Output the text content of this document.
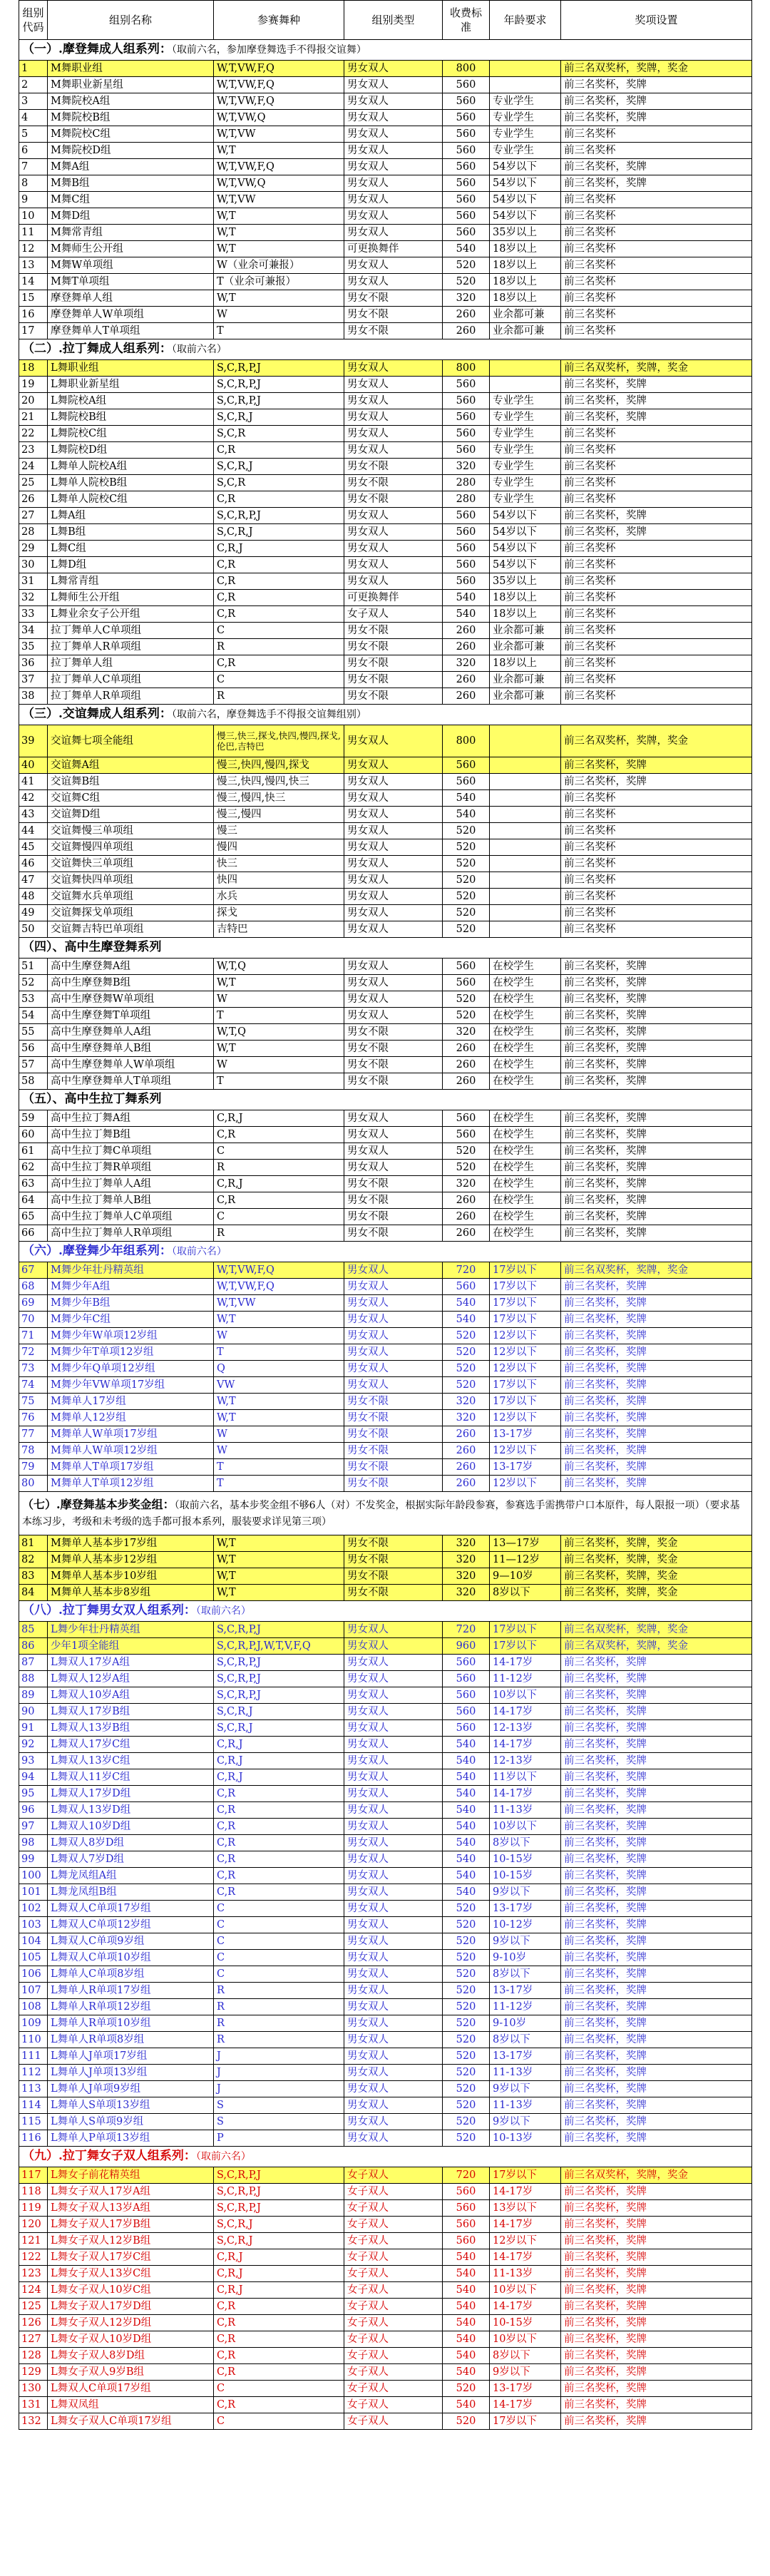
组别代码	组别名称	参赛舞种	组别类型	收费标准	年龄要求	奖项设置
（一）.摩登舞成人组系列：（取前六名，参加摩登舞选手不得报交谊舞）						
1	M舞职业组	W,T,VW,F,Q	男女双人	800		前三名双奖杯，奖牌，奖金
2	M舞职业新星组	W,T,VW,F,Q	男女双人	560		前三名奖杯，奖牌
3	M舞院校A组	W,T,VW,F,Q	男女双人	560	专业学生	前三名奖杯，奖牌
4	M舞院校B组	W,T,VW,Q	男女双人	560	专业学生	前三名奖杯，奖牌
5	M舞院校C组	W,T,VW	男女双人	560	专业学生	前三名奖杯
6	M舞院校D组	W,T	男女双人	560	专业学生	前三名奖杯
7	M舞A组	W,T,VW,F,Q	男女双人	560	54岁以下	前三名奖杯，奖牌
8	M舞B组	W,T,VW,Q	男女双人	560	54岁以下	前三名奖杯，奖牌
9	M舞C组	W,T,VW	男女双人	560	54岁以下	前三名奖杯
10	M舞D组	W,T	男女双人	560	54岁以下	前三名奖杯
11	M舞常青组	W,T	男女双人	560	35岁以上	前三名奖杯
12	M舞师生公开组	W,T	可更换舞伴	540	18岁以上	前三名奖杯
13	M舞W单项组	W（业余可兼报）	男女双人	520	18岁以上	前三名奖杯
14	M舞T单项组	T（业余可兼报）	男女双人	520	18岁以上	前三名奖杯
15	摩登舞单人组	W,T	男女不限	320	18岁以上	前三名奖杯
16	摩登舞单人W单项组	W	男女不限	260	业余都可兼	前三名奖杯
17	摩登舞单人T单项组	T	男女不限	260	业余都可兼	前三名奖杯
（二）.拉丁舞成人组系列：（取前六名）						
18	L舞职业组	S,C,R,P,J	男女双人	800		前三名双奖杯，奖牌，奖金
19	L舞职业新星组	S,C,R,P,J	男女双人	560		前三名奖杯，奖牌
20	L舞院校A组	S,C,R,P,J	男女双人	560	专业学生	前三名奖杯，奖牌
21	L舞院校B组	S,C,R,J	男女双人	560	专业学生	前三名奖杯，奖牌
22	L舞院校C组	S,C,R	男女双人	560	专业学生	前三名奖杯
23	L舞院校D组	C,R	男女双人	560	专业学生	前三名奖杯
24	L舞单人院校A组	S,C,R,J	男女不限	320	专业学生	前三名奖杯
25	L舞单人院校B组	S,C,R	男女不限	280	专业学生	前三名奖杯
26	L舞单人院校C组	C,R	男女不限	280	专业学生	前三名奖杯
27	L舞A组	S,C,R,P,J	男女双人	560	54岁以下	前三名奖杯，奖牌
28	L舞B组	S,C,R,J	男女双人	560	54岁以下	前三名奖杯，奖牌
29	L舞C组	C,R,J	男女双人	560	54岁以下	前三名奖杯
30	L舞D组	C,R	男女双人	560	54岁以下	前三名奖杯
31	L舞常青组	C,R	男女双人	560	35岁以上	前三名奖杯
32	L舞师生公开组	C,R	可更换舞伴	540	18岁以上	前三名奖杯
33	L舞业余女子公开组	C,R	女子双人	540	18岁以上	前三名奖杯
34	拉丁舞单人C单项组	C	男女不限	260	业余都可兼	前三名奖杯
35	拉丁舞单人R单项组	R	男女不限	260	业余都可兼	前三名奖杯
36	拉丁舞单人组	C,R	男女不限	320	18岁以上	前三名奖杯
37	拉丁舞单人C单项组	C	男女不限	260	业余都可兼	前三名奖杯
38	拉丁舞单人R单项组	R	男女不限	260	业余都可兼	前三名奖杯
（三）.交谊舞成人组系列：（取前六名，摩登舞选手不得报交谊舞组别）						
39	交谊舞七项全能组	慢三,快三,探戈,快四,慢四,探戈,伦巴,吉特巴	男女双人	800		前三名双奖杯，奖牌，奖金
40	交谊舞A组	慢三,快四,慢四,探戈	男女双人	560		前三名奖杯，奖牌
41	交谊舞B组	慢三,快四,慢四,快三	男女双人	560		前三名奖杯，奖牌
42	交谊舞C组	慢三,慢四,快三	男女双人	540		前三名奖杯
43	交谊舞D组	慢三,慢四	男女双人	540		前三名奖杯
44	交谊舞慢三单项组	慢三	男女双人	520		前三名奖杯
45	交谊舞慢四单项组	慢四	男女双人	520		前三名奖杯
46	交谊舞快三单项组	快三	男女双人	520		前三名奖杯
47	交谊舞快四单项组	快四	男女双人	520		前三名奖杯
48	交谊舞水兵单项组	水兵	男女双人	520		前三名奖杯
49	交谊舞探戈单项组	探戈	男女双人	520		前三名奖杯
50	交谊舞吉特巴单项组	吉特巴	男女双人	520		前三名奖杯
（四）、高中生摩登舞系列						
51	高中生摩登舞A组	W,T,Q	男女双人	560	在校学生	前三名奖杯，奖牌
52	高中生摩登舞B组	W,T	男女双人	560	在校学生	前三名奖杯，奖牌
53	高中生摩登舞W单项组	W	男女双人	520	在校学生	前三名奖杯，奖牌
54	高中生摩登舞T单项组	T	男女双人	520	在校学生	前三名奖杯，奖牌
55	高中生摩登舞单人A组	W,T,Q	男女不限	320	在校学生	前三名奖杯，奖牌
56	高中生摩登舞单人B组	W,T	男女不限	260	在校学生	前三名奖杯，奖牌
57	高中生摩登舞单人W单项组	W	男女不限	260	在校学生	前三名奖杯，奖牌
58	高中生摩登舞单人T单项组	T	男女不限	260	在校学生	前三名奖杯，奖牌
（五）、高中生拉丁舞系列						
59	高中生拉丁舞A组	C,R,J	男女双人	560	在校学生	前三名奖杯，奖牌
60	高中生拉丁舞B组	C,R	男女双人	560	在校学生	前三名奖杯，奖牌
61	高中生拉丁舞C单项组	C	男女双人	520	在校学生	前三名奖杯，奖牌
62	高中生拉丁舞R单项组	R	男女双人	520	在校学生	前三名奖杯，奖牌
63	高中生拉丁舞单人A组	C,R,J	男女不限	320	在校学生	前三名奖杯，奖牌
64	高中生拉丁舞单人B组	C,R	男女不限	260	在校学生	前三名奖杯，奖牌
65	高中生拉丁舞单人C单项组	C	男女不限	260	在校学生	前三名奖杯，奖牌
66	高中生拉丁舞单人R单项组	R	男女不限	260	在校学生	前三名奖杯，奖牌
（六）.摩登舞少年组系列：（取前六名）						
67	M舞少年壮丹精英组	W,T,VW,F,Q	男女双人	720	17岁以下	前三名双奖杯，奖牌，奖金
68	M舞少年A组	W,T,VW,F,Q	男女双人	560	17岁以下	前三名奖杯，奖牌
69	M舞少年B组	W,T,VW	男女双人	540	17岁以下	前三名奖杯，奖牌
70	M舞少年C组	W,T	男女双人	540	17岁以下	前三名奖杯，奖牌
71	M舞少年W单项12岁组	W	男女双人	520	12岁以下	前三名奖杯，奖牌
72	M舞少年T单项12岁组	T	男女双人	520	12岁以下	前三名奖杯，奖牌
73	M舞少年Q单项12岁组	Q	男女双人	520	12岁以下	前三名奖杯，奖牌
74	M舞少年VW单项17岁组	VW	男女双人	520	17岁以下	前三名奖杯，奖牌
75	M舞单人17岁组	W,T	男女不限	320	17岁以下	前三名奖杯，奖牌
76	M舞单人12岁组	W,T	男女不限	320	12岁以下	前三名奖杯，奖牌
77	M舞单人W单项17岁组	W	男女不限	260	13-17岁	前三名奖杯，奖牌
78	M舞单人W单项12岁组	W	男女不限	260	12岁以下	前三名奖杯，奖牌
79	M舞单人T单项17岁组	T	男女不限	260	13-17岁	前三名奖杯，奖牌
80	M舞单人T单项12岁组	T	男女不限	260	12岁以下	前三名奖杯，奖牌
（七）.摩登舞基本步奖金组：（取前六名，基本步奖金组不够6人（对）不发奖金，根据实际年龄段参赛，参赛选手需携带户口本原件，每人限报一项）（要求基本练习步，考级和未考级的选手都可报本系列，服装要求详见第三项）						
81	M舞单人基本步17岁组	W,T	男女不限	320	13—17岁	前三名奖杯，奖牌，奖金
82	M舞单人基本步12岁组	W,T	男女不限	320	11—12岁	前三名奖杯，奖牌，奖金
83	M舞单人基本步10岁组	W,T	男女不限	320	9—10岁	前三名奖杯，奖牌，奖金
84	M舞单人基本步8岁组	W,T	男女不限	320	8岁以下	前三名奖杯，奖牌，奖金
（八）.拉丁舞男女双人组系列：（取前六名）						
85	L舞少年壮丹精英组	S,C,R,P,J	男女双人	720	17岁以下	前三名双奖杯，奖牌，奖金
86	少年1项全能组	S,C,R,P,J,W,T,V,F,Q	男女双人	960	17岁以下	前三名双奖杯，奖牌，奖金
87	L舞双人17岁A组	S,C,R,P,J	男女双人	560	14-17岁	前三名奖杯，奖牌
88	L舞双人12岁A组	S,C,R,P,J	男女双人	560	11-12岁	前三名奖杯，奖牌
89	L舞双人10岁A组	S,C,R,P,J	男女双人	560	10岁以下	前三名奖杯，奖牌
90	L舞双人17岁B组	S,C,R,J	男女双人	560	14-17岁	前三名奖杯，奖牌
91	L舞双人13岁B组	S,C,R,J	男女双人	560	12-13岁	前三名奖杯，奖牌
92	L舞双人17岁C组	C,R,J	男女双人	540	14-17岁	前三名奖杯，奖牌
93	L舞双人13岁C组	C,R,J	男女双人	540	12-13岁	前三名奖杯，奖牌
94	L舞双人11岁C组	C,R,J	男女双人	540	11岁以下	前三名奖杯，奖牌
95	L舞双人17岁D组	C,R	男女双人	540	14-17岁	前三名奖杯，奖牌
96	L舞双人13岁D组	C,R	男女双人	540	11-13岁	前三名奖杯，奖牌
97	L舞双人10岁D组	C,R	男女双人	540	10岁以下	前三名奖杯，奖牌
98	L舞双人8岁D组	C,R	男女双人	540	8岁以下	前三名奖杯，奖牌
99	L舞双人7岁D组	C,R	男女双人	540	10-15岁	前三名奖杯，奖牌
100	L舞龙凤组A组	C,R	男女双人	540	10-15岁	前三名奖杯，奖牌
101	L舞龙凤组B组	C,R	男女双人	540	9岁以下	前三名奖杯，奖牌
102	L舞双人C单项17岁组	C	男女双人	520	13-17岁	前三名奖杯，奖牌
103	L舞双人C单项12岁组	C	男女双人	520	10-12岁	前三名奖杯，奖牌
104	L舞双人C单项9岁组	C	男女双人	520	9岁以下	前三名奖杯，奖牌
105	L舞双人C单项10岁组	C	男女双人	520	9-10岁	前三名奖杯，奖牌
106	L舞单人C单项8岁组	C	男女双人	520	8岁以下	前三名奖杯，奖牌
107	L舞单人R单项17岁组	R	男女双人	520	13-17岁	前三名奖杯，奖牌
108	L舞单人R单项12岁组	R	男女双人	520	11-12岁	前三名奖杯，奖牌
109	L舞单人R单项10岁组	R	男女双人	520	9-10岁	前三名奖杯，奖牌
110	L舞单人R单项8岁组	R	男女双人	520	8岁以下	前三名奖杯，奖牌
111	L舞单人J单项17岁组	J	男女双人	520	13-17岁	前三名奖杯，奖牌
112	L舞单人J单项13岁组	J	男女双人	520	11-13岁	前三名奖杯，奖牌
113	L舞单人J单项9岁组	J	男女双人	520	9岁以下	前三名奖杯，奖牌
114	L舞单人S单项13岁组	S	男女双人	520	11-13岁	前三名奖杯，奖牌
115	L舞单人S单项9岁组	S	男女双人	520	9岁以下	前三名奖杯，奖牌
116	L舞单人P单项13岁组	P	男女双人	520	10-13岁	前三名奖杯，奖牌
（九）.拉丁舞女子双人组系列：（取前六名）						
117	L舞女子前花精英组	S,C,R,P,J	女子双人	720	17岁以下	前三名双奖杯，奖牌，奖金
118	L舞女子双人17岁A组	S,C,R,P,J	女子双人	560	14-17岁	前三名奖杯，奖牌
119	L舞女子双人13岁A组	S,C,R,P,J	女子双人	560	13岁以下	前三名奖杯，奖牌
120	L舞女子双人17岁B组	S,C,R,J	女子双人	560	14-17岁	前三名奖杯，奖牌
121	L舞女子双人12岁B组	S,C,R,J	女子双人	560	12岁以下	前三名奖杯，奖牌
122	L舞女子双人17岁C组	C,R,J	女子双人	540	14-17岁	前三名奖杯，奖牌
123	L舞女子双人13岁C组	C,R,J	女子双人	540	11-13岁	前三名奖杯，奖牌
124	L舞女子双人10岁C组	C,R,J	女子双人	540	10岁以下	前三名奖杯，奖牌
125	L舞女子双人17岁D组	C,R	女子双人	540	14-17岁	前三名奖杯，奖牌
126	L舞女子双人12岁D组	C,R	女子双人	540	10-15岁	前三名奖杯，奖牌
127	L舞女子双人10岁D组	C,R	女子双人	540	10岁以下	前三名奖杯，奖牌
128	L舞女子双人8岁D组	C,R	女子双人	540	8岁以下	前三名奖杯，奖牌
129	L舞女子双人9岁B组	C,R	女子双人	540	9岁以下	前三名奖杯，奖牌
130	L舞双人C单项17岁组	C	女子双人	520	13-17岁	前三名奖杯，奖牌
131	L舞双凤组	C,R	女子双人	540	14-17岁	前三名奖杯，奖牌
132	L舞女子双人C单项17岁组	C	女子双人	520	17岁以下	前三名奖杯，奖牌
